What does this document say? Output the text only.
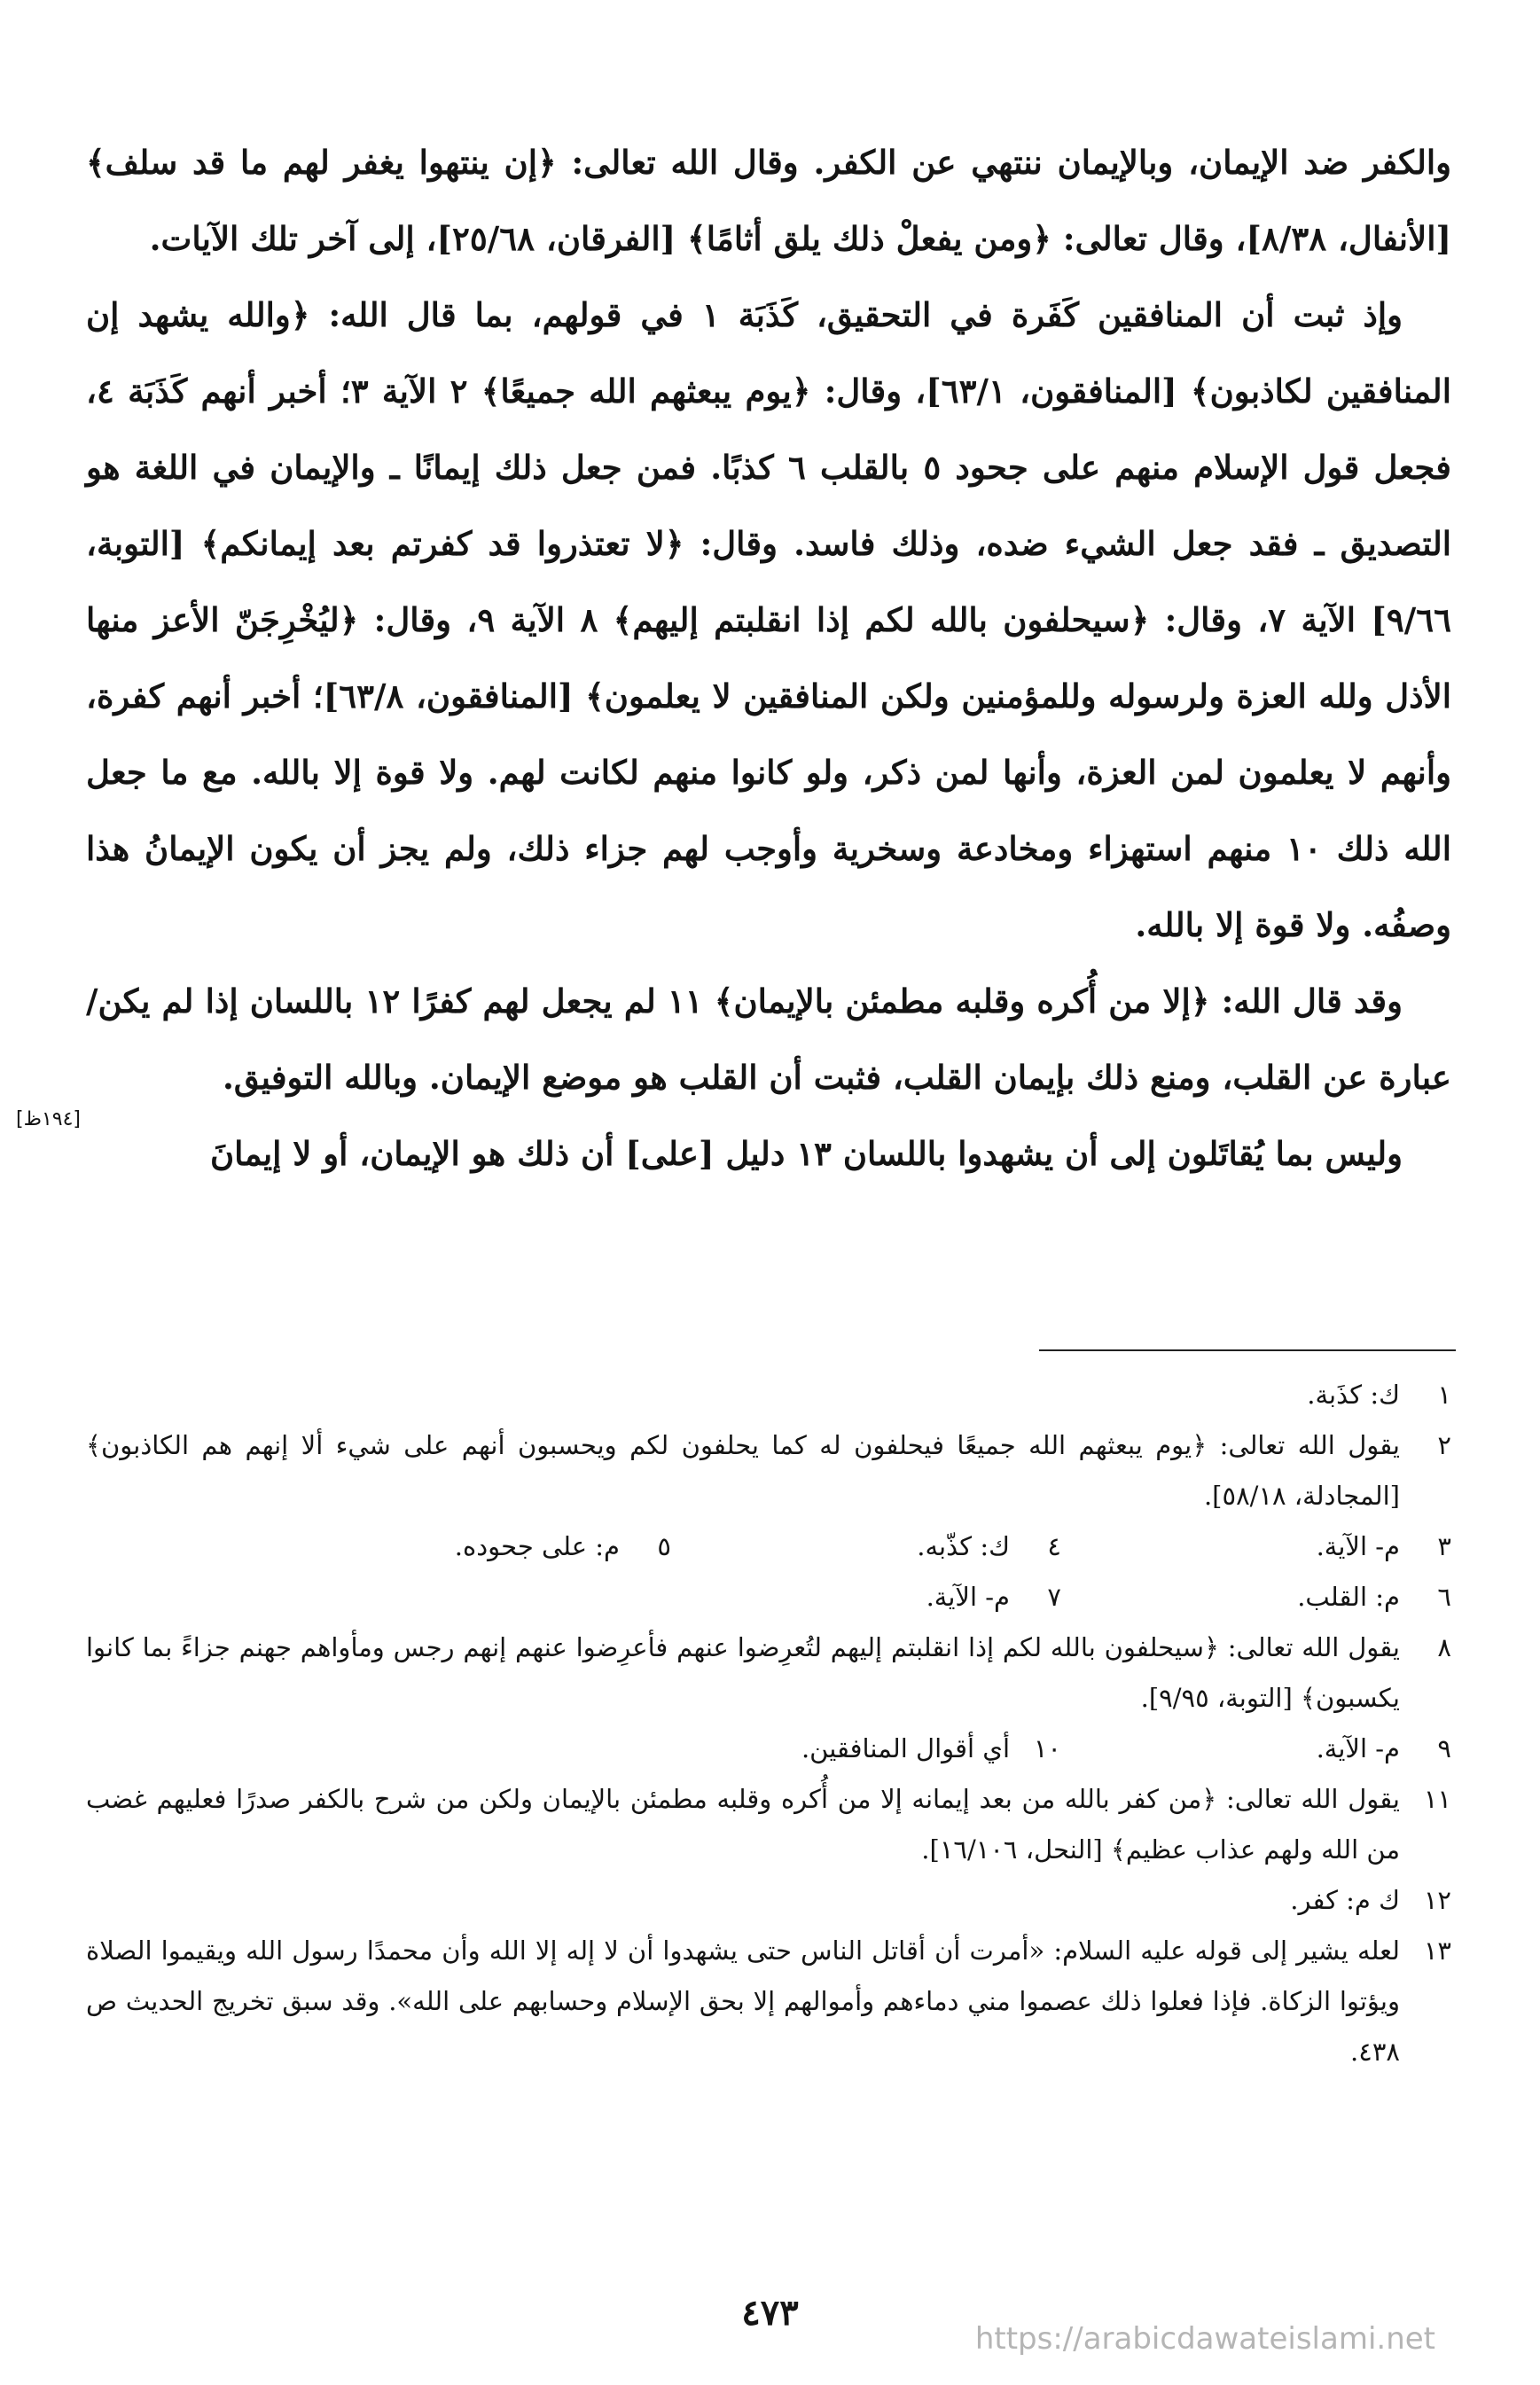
والكفر ضد الإيمان، وبالإيمان ننتهي عن الكفر. وقال الله تعالى: ﴿إن ينتهوا يغفر لهم ما قد سلف﴾ [الأنفال، ٨/٣٨]، وقال تعالى: ﴿ومن يفعلْ ذلك يلق أثامًا﴾ [الفرقان، ٢٥/٦٨]، إلى آخر تلك الآيات.

وإذ ثبت أن المنافقين كَفَرة في التحقيق، كَذَبَة ١ في قولهم، بما قال الله: ﴿والله يشهد إن المنافقين لكاذبون﴾ [المنافقون، ٦٣/١]، وقال: ﴿يوم يبعثهم الله جميعًا﴾ ٢ الآية ٣؛ أخبر أنهم كَذَبَة ٤، فجعل قول الإسلام منهم على جحود ٥ بالقلب ٦ كذبًا. فمن جعل ذلك إيمانًا ـ والإيمان في اللغة هو التصديق ـ فقد جعل الشيء ضده، وذلك فاسد. وقال: ﴿لا تعتذروا قد كفرتم بعد إيمانكم﴾ [التوبة، ٩/٦٦] الآية ٧، وقال: ﴿سيحلفون بالله لكم إذا انقلبتم إليهم﴾ ٨ الآية ٩، وقال: ﴿ليُخْرِجَنّ الأعز منها الأذل ولله العزة ولرسوله وللمؤمنين ولكن المنافقين لا يعلمون﴾ [المنافقون، ٦٣/٨]؛ أخبر أنهم كفرة، وأنهم لا يعلمون لمن العزة، وأنها لمن ذكر، ولو كانوا منهم لكانت لهم. ولا قوة إلا بالله. مع ما جعل الله ذلك ١٠ منهم استهزاء ومخادعة وسخرية وأوجب لهم جزاء ذلك، ولم يجز أن يكون الإيمانُ هذا وصفُه. ولا قوة إلا بالله.

وقد قال الله: ﴿إلا من أُكره وقلبه مطمئن بالإيمان﴾ ١١ لم يجعل لهم كفرًا ١٢ باللسان إذا لم يكن/ عبارة عن القلب، ومنع ذلك بإيمان القلب، فثبت أن القلب هو موضع الإيمان. وبالله التوفيق.

وليس بما يُقاتَلون إلى أن يشهدوا باللسان ١٣ دليل [على] أن ذلك هو الإيمان، أو لا إيمانَ

[١٩٤ظ]
١
ك: كذَبة.
٢
يقول الله تعالى: ﴿يوم يبعثهم الله جميعًا فيحلفون له كما يحلفون لكم ويحسبون أنهم على شيء ألا إنهم هم الكاذبون﴾ [المجادلة، ٥٨/١٨].
٣
م- الآية.
٤
ك: كذّبه.
٥
م: على جحوده.
٦
م: القلب.
٧
م- الآية.
٨
يقول الله تعالى: ﴿سيحلفون بالله لكم إذا انقلبتم إليهم لتُعرِضوا عنهم فأعرِضوا عنهم إنهم رجس ومأواهم جهنم جزاءً بما كانوا يكسبون﴾ [التوبة، ٩/٩٥].
٩
م- الآية.
١٠
أي أقوال المنافقين.
١١
يقول الله تعالى: ﴿من كفر بالله من بعد إيمانه إلا من أُكره وقلبه مطمئن بالإيمان ولكن من شرح بالكفر صدرًا فعليهم غضب من الله ولهم عذاب عظيم﴾ [النحل، ١٦/١٠٦].
١٢
ك م: كفر.
١٣
لعله يشير إلى قوله عليه السلام: «أمرت أن أقاتل الناس حتى يشهدوا أن لا إله إلا الله وأن محمدًا رسول الله ويقيموا الصلاة ويؤتوا الزكاة. فإذا فعلوا ذلك عصموا مني دماءهم وأموالهم إلا بحق الإسلام وحسابهم على الله». وقد سبق تخريج الحديث ص ٤٣٨.
٤٧٣
https://arabicdawateislami.net
